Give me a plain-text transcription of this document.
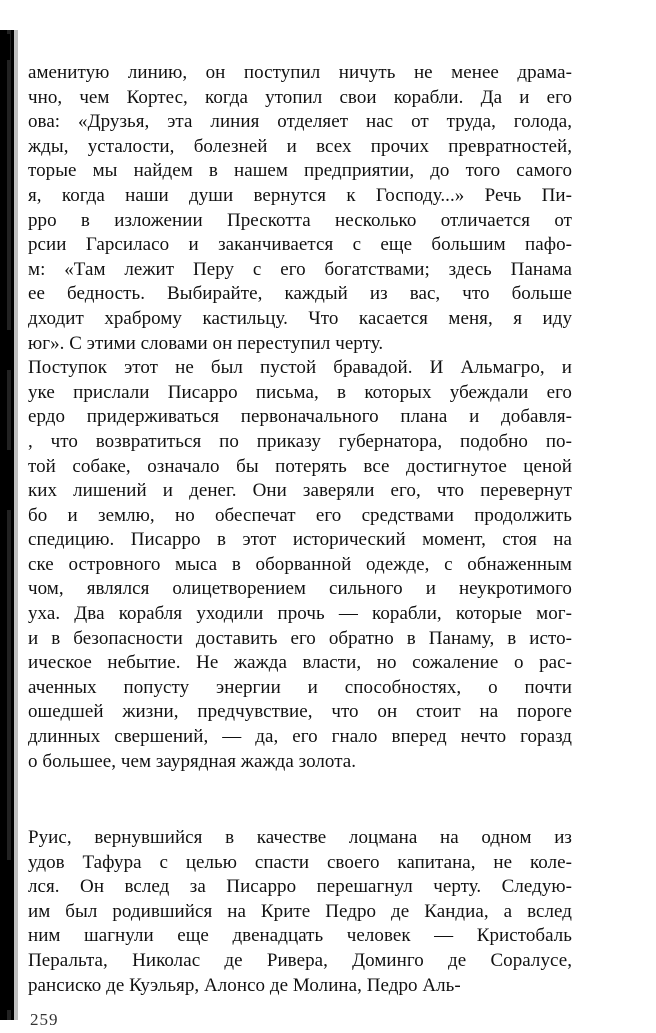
аменитую линию, он поступил ничуть не менее драма-
чно, чем Кортес, когда утопил свои корабли. Да и его
ова: «Друзья, эта линия отделяет нас от труда, голода,
жды, усталости, болезней и всех прочих превратностей,
торые мы найдем в нашем предприятии, до того самого
я, когда наши души вернутся к Господу...» Речь Пи-
рро в изложении Прескотта несколько отличается от
рсии Гарсиласо и заканчивается с еще большим пафо-
м: «Там лежит Перу с его богатствами; здесь Панама
ее бедность. Выбирайте, каждый из вас, что больше
дходит храброму кастильцу. Что касается меня, я иду
юг». С этими словами он переступил черту.
Поступок этот не был пустой бравадой. И Альмагро, и
уке прислали Писарро письма, в которых убеждали его
ердо придерживаться первоначального плана и добавля-
, что возвратиться по приказу губернатора, подобно по-
той собаке, означало бы потерять все достигнутое ценой
ких лишений и денег. Они заверяли его, что перевернут
бо и землю, но обеспечат его средствами продолжить
спедицию. Писарро в этот исторический момент, стоя на
ске островного мыса в оборванной одежде, с обнаженным
чом, являлся олицетворением сильного и неукротимого
уха. Два корабля уходили прочь — корабли, которые мог-
и в безопасности доставить его обратно в Панаму, в исто-
ическое небытие. Не жажда власти, но сожаление о рас-
аченных попусту энергии и способностях, о почти
ошедшей жизни, предчувствие, что он стоит на пороге
длинных свершений, — да, его гнало вперед нечто горазд
о большее, чем заурядная жажда золота.
Руис, вернувшийся в качестве лоцмана на одном из
удов Тафура с целью спасти своего капитана, не коле-
лся. Он вслед за Писарро перешагнул черту. Следую-
им был родившийся на Крите Педро де Кандиа, а вслед
ним шагнули еще двенадцать человек — Кристобаль
Перальта, Николас де Ривера, Доминго де Соралусе,
рансиско де Куэльяр, Алонсо де Молина, Педро Аль-
259
